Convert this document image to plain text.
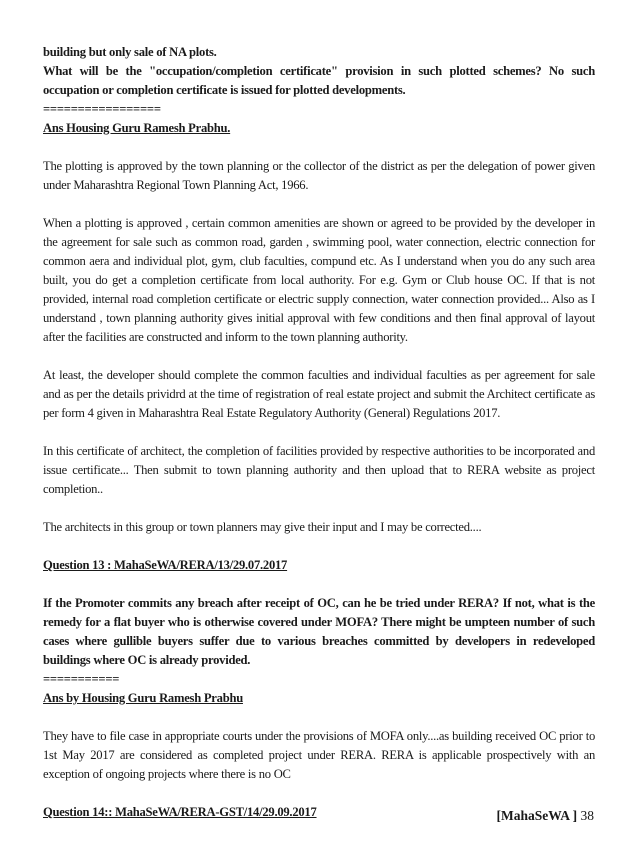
building but only sale of NA plots.

What will be the "occupation/completion certificate" provision in such plotted schemes? No such occupation or completion certificate is issued for plotted developments.

=================

Ans Housing Guru Ramesh Prabhu.

The plotting is approved by the town planning or the collector of the district as per the delegation of power given under Maharashtra Regional Town Planning Act, 1966.

When a plotting is approved , certain common amenities are shown or agreed to be provided by the developer in the agreement for sale such as common road, garden , swimming pool, water connection, electric connection for common aera and individual plot, gym, club faculties, compund etc. As I understand when you do any such area built, you do get a completion certificate from local authority. For e.g. Gym or Club house OC. If that is not provided, internal road completion certificate or electric supply connection, water connection provided... Also as I understand , town planning authority gives initial approval with few conditions and then final approval of layout after the facilities are constructed and inform to the town planning authority.

At least, the developer should complete the common faculties and individual faculties as per agreement for sale and as per the details prividrd at the time of registration of real estate project and submit the Architect certificate as per form 4 given in Maharashtra Real Estate Regulatory Authority (General) Regulations 2017.

In this certificate of architect, the completion of facilities provided by respective authorities to be incorporated and issue certificate... Then submit to town planning authority and then upload that to RERA website as project completion..

The architects in this group or town planners may give their input and I may be corrected....

Question 13 : MahaSeWA/RERA/13/29.07.2017

If the Promoter commits any breach after receipt of OC, can he be tried under RERA? If not, what is the remedy for a flat buyer who is otherwise covered under MOFA? There might be umpteen number of such cases where gullible buyers suffer due to various breaches committed by developers in redeveloped buildings where OC is already provided.

===========

Ans by Housing Guru Ramesh Prabhu

They have to file case in appropriate courts under the provisions of MOFA only....as building received OC prior to 1st May 2017 are considered as completed project under RERA. RERA is applicable prospectively with an exception of ongoing projects where there is no OC

Question 14:: MahaSeWA/RERA-GST/14/29.09.2017	[MahaSeWA ] 38
